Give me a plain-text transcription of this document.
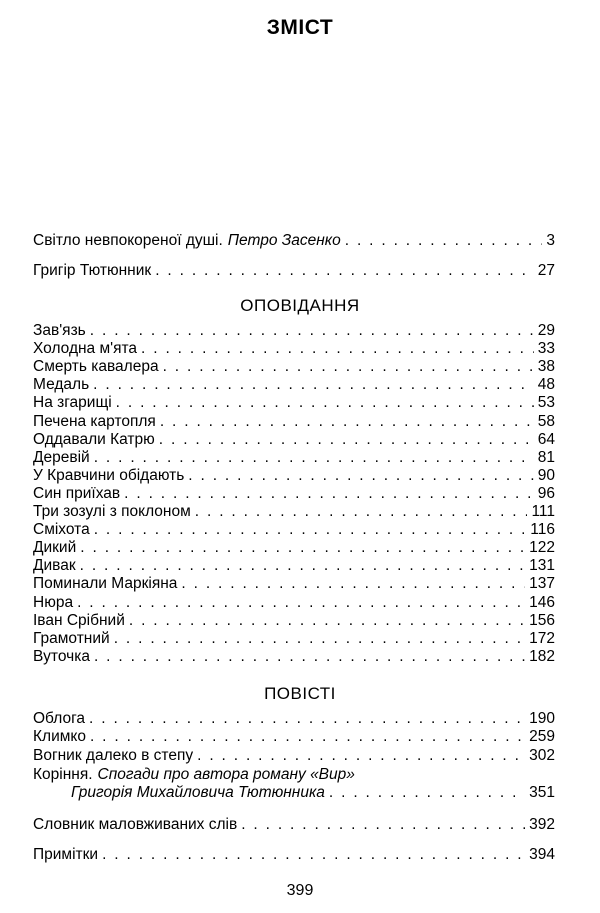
ЗМІСТ
Світло невпокореної душі. Петро Засенко . . .	3
Григір Тютюнник . . .	27
ОПОВІДАННЯ
Зав'язь . . .	29
Холодна м'ята . . .	33
Смерть кавалера . . .	38
Медаль . . .	48
На згарищі . . .	53
Печена картопля . . .	58
Оддавали Катрю . . .	64
Деревій . . .	81
У Кравчини обідають . . .	90
Син приїхав . . .	96
Три зозулі з поклоном . . .	111
Сміхота . . .	116
Дикий . . .	122
Дивак . . .	131
Поминали Маркіяна . . .	137
Нюра . . .	146
Іван Срібний . . .	156
Грамотний . . .	172
Вуточка . . .	182
ПОВІСТІ
Облога . . .	190
Климко . . .	259
Вогник далеко в степу . . .	302
Коріння. Спогади про автора роману «Вир»
Григорія Михайловича Тютюнника . . .	351
Словник маловживаних слів . . .	392
Примітки . . .	394
399
